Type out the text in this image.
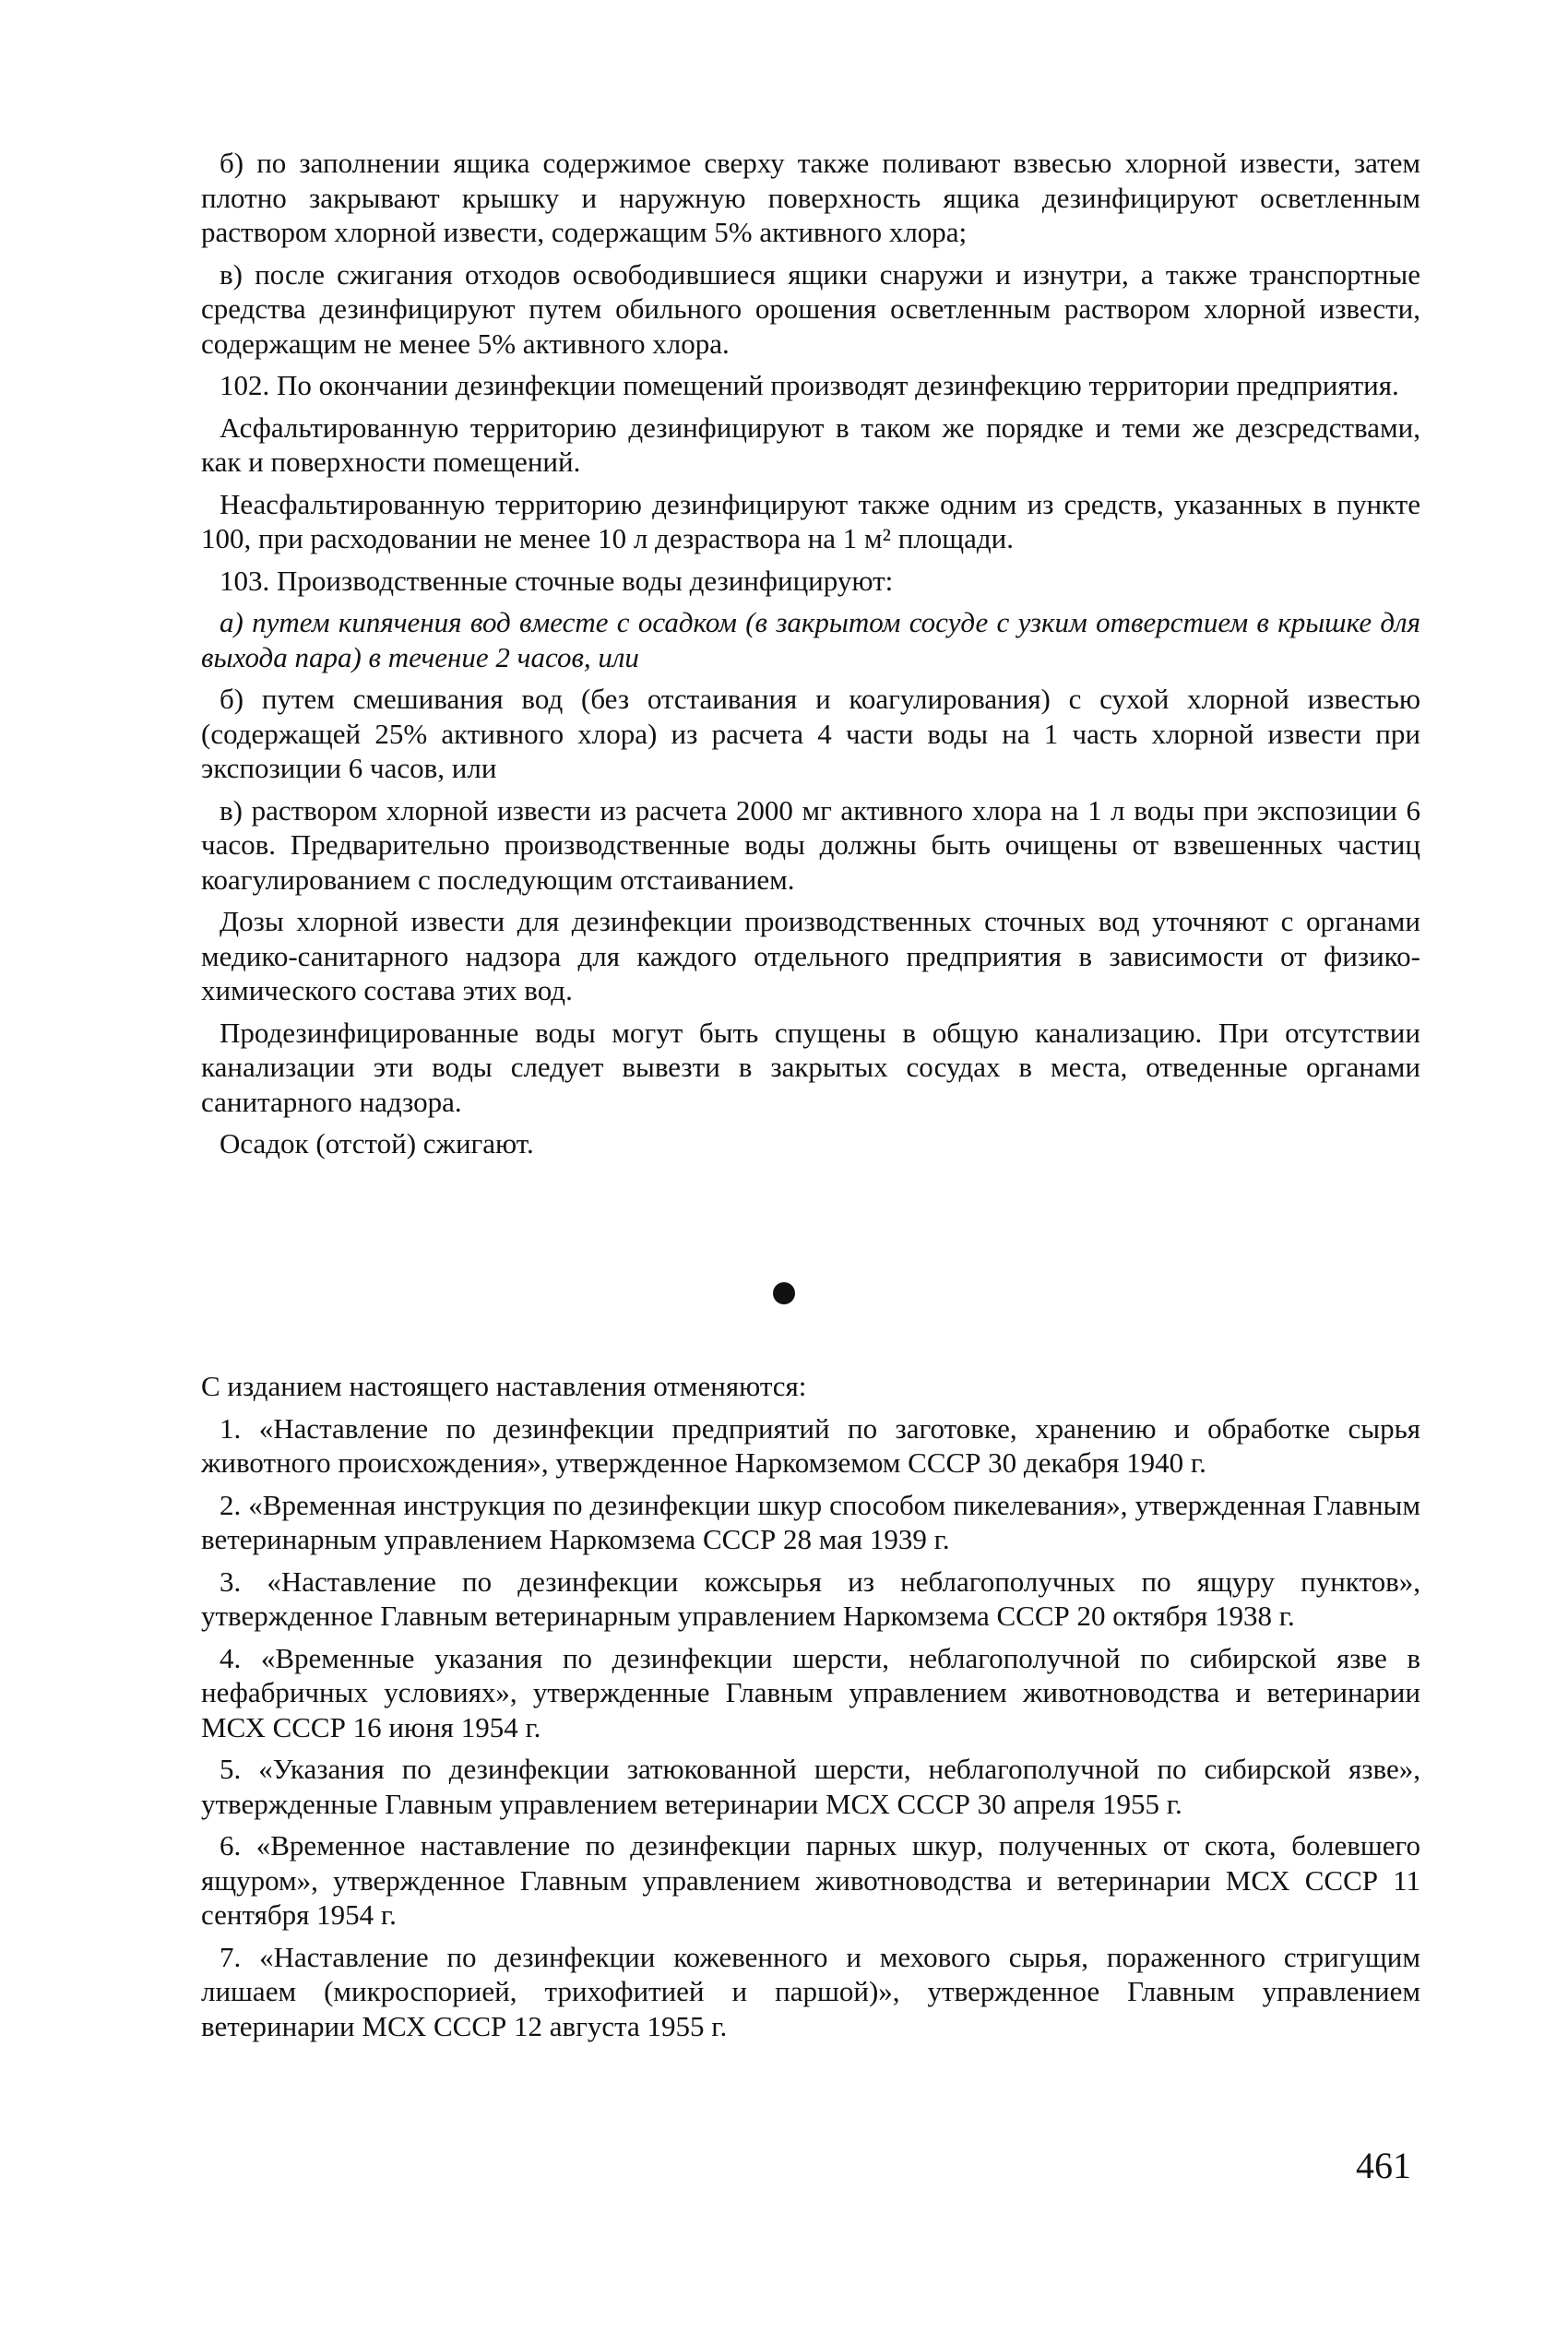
б) по заполнении ящика содержимое сверху также поливают взвесью хлорной извести, затем плотно закрывают крышку и наружную поверхность ящика дезинфицируют осветленным раствором хлорной извести, содержащим 5% активного хлора;

в) после сжигания отходов освободившиеся ящики снаружи и изнутри, а также транспортные средства дезинфицируют путем обильного орошения осветленным раствором хлорной извести, содержащим не менее 5% активного хлора.

102. По окончании дезинфекции помещений производят дезинфекцию территории предприятия.

Асфальтированную территорию дезинфицируют в таком же порядке и теми же дезсредствами, как и поверхности помещений.

Неасфальтированную территорию дезинфицируют также одним из средств, указанных в пункте 100, при расходовании не менее 10 л дезраствора на 1 м² площади.

103. Производственные сточные воды дезинфицируют:

а) путем кипячения вод вместе с осадком (в закрытом сосуде с узким отверстием в крышке для выхода пара) в течение 2 часов, или

б) путем смешивания вод (без отстаивания и коагулирования) с сухой хлорной известью (содержащей 25% активного хлора) из расчета 4 части воды на 1 часть хлорной извести при экспозиции 6 часов, или

в) раствором хлорной извести из расчета 2000 мг активного хлора на 1 л воды при экспозиции 6 часов. Предварительно производственные воды должны быть очищены от взвешенных частиц коагулированием с последующим отстаиванием.

Дозы хлорной извести для дезинфекции производственных сточных вод уточняют с органами медико-санитарного надзора для каждого отдельного предприятия в зависимости от физико-химического состава этих вод.

Продезинфицированные воды могут быть спущены в общую канализацию. При отсутствии канализации эти воды следует вывезти в закрытых сосудах в места, отведенные органами санитарного надзора.

Осадок (отстой) сжигают.

С изданием настоящего наставления отменяются:

1. «Наставление по дезинфекции предприятий по заготовке, хранению и обработке сырья животного происхождения», утвержденное Наркомземом СССР 30 декабря 1940 г.

2. «Временная инструкция по дезинфекции шкур способом пикелевания», утвержденная Главным ветеринарным управлением Наркомзема СССР 28 мая 1939 г.

3. «Наставление по дезинфекции кожсырья из неблагополучных по ящуру пунктов», утвержденное Главным ветеринарным управлением Наркомзема СССР 20 октября 1938 г.

4. «Временные указания по дезинфекции шерсти, неблагополучной по сибирской язве в нефабричных условиях», утвержденные Главным управлением животноводства и ветеринарии МСХ СССР 16 июня 1954 г.

5. «Указания по дезинфекции затюкованной шерсти, неблагополучной по сибирской язве», утвержденные Главным управлением ветеринарии МСХ СССР 30 апреля 1955 г.

6. «Временное наставление по дезинфекции парных шкур, полученных от скота, болевшего ящуром», утвержденное Главным управлением животноводства и ветеринарии МСХ СССР 11 сентября 1954 г.

7. «Наставление по дезинфекции кожевенного и мехового сырья, пораженного стригущим лишаем (микроспорией, трихофитией и паршой)», утвержденное Главным управлением ветеринарии МСХ СССР 12 августа 1955 г.

461
